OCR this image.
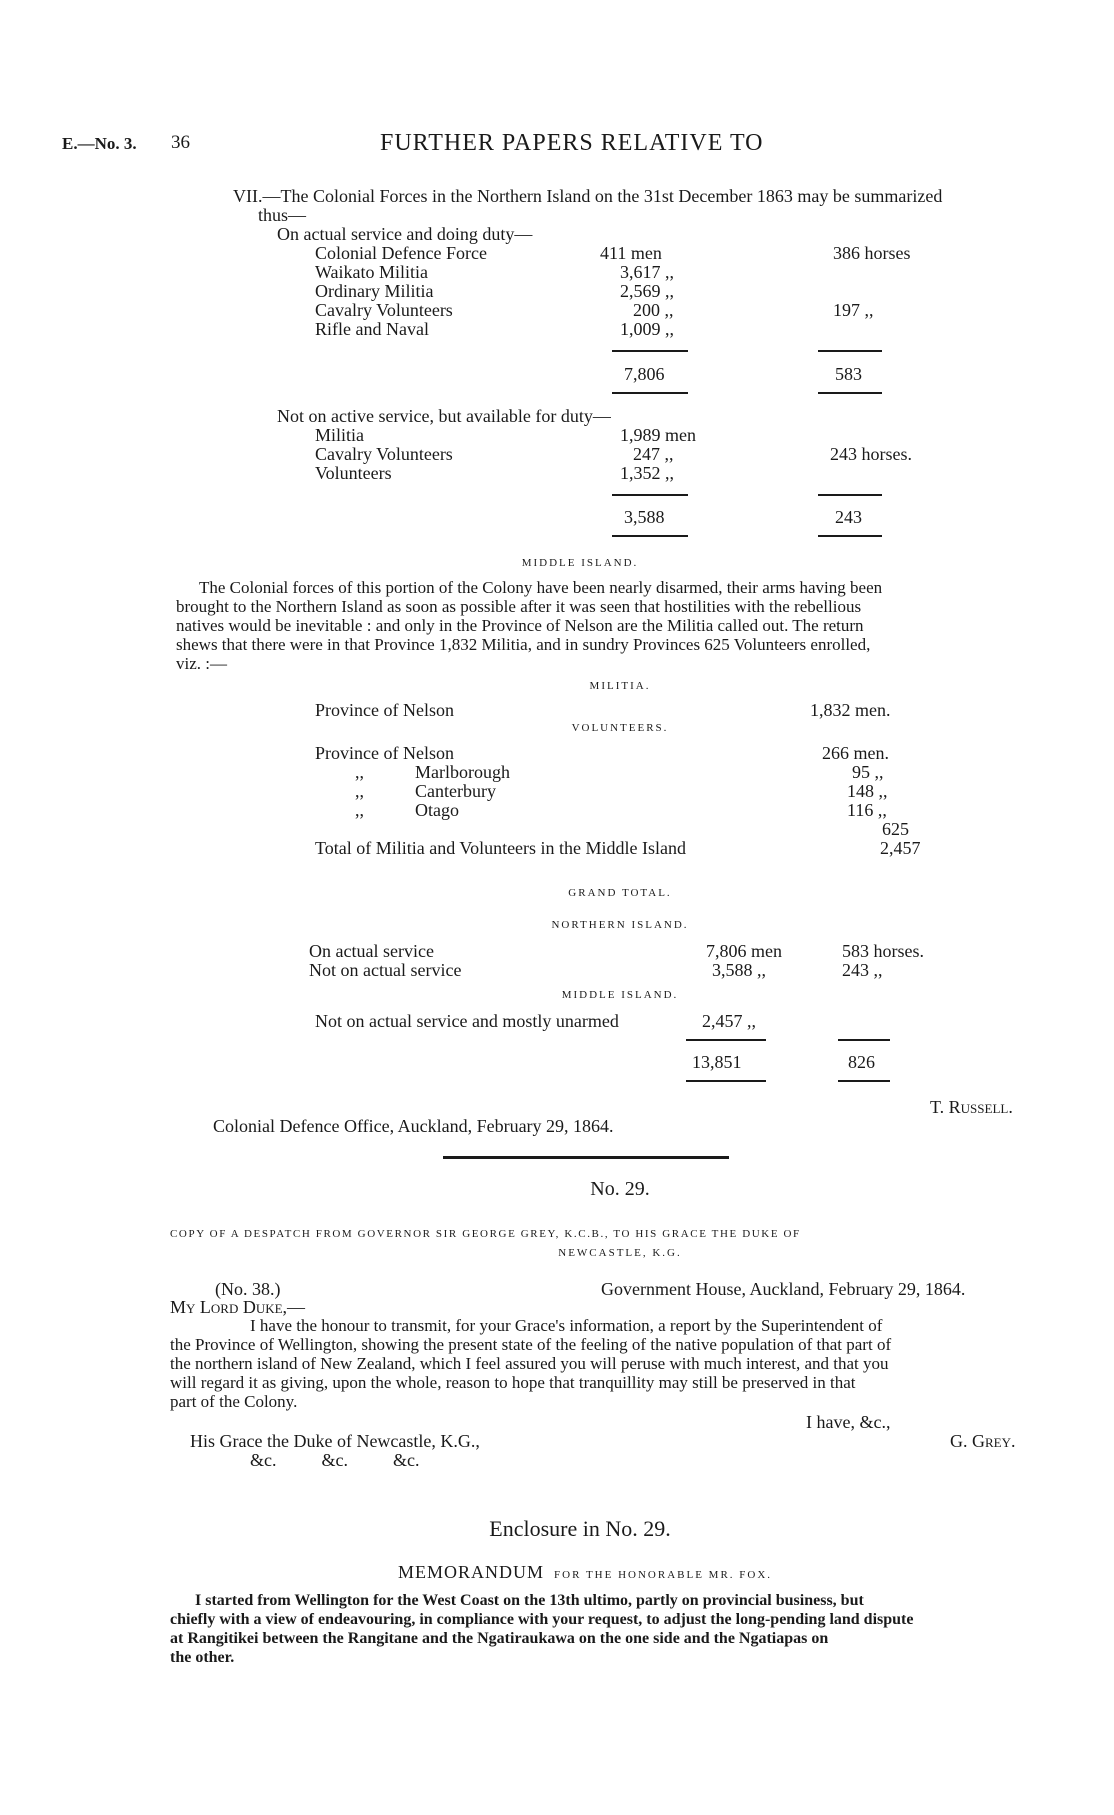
E.—No. 3. 36	FURTHER PAPERS RELATIVE TO
VII.—The Colonial Forces in the Northern Island on the 31st December 1863 may be summarized
thus—
On actual service and doing duty—
Colonial Defence Force	411 men	386 horses
Waikato Militia	3,617 ,,
Ordinary Militia	2,569 ,,
Cavalry Volunteers	200 ,,	197 ,,
Rifle and Naval	1,009 ,,
7,806	583
Not on active service, but available for duty—
Militia	1,989 men
Cavalry Volunteers	247 ,,	243 horses.
Volunteers	1,352 ,,
3,588	243
MIDDLE ISLAND.
The Colonial forces of this portion of the Colony have been nearly disarmed, their arms having been
brought to the Northern Island as soon as possible after it was seen that hostilities with the rebellious
natives would be inevitable : and only in the Province of Nelson are the Militia called out. The return
shews that there were in that Province 1,832 Militia, and in sundry Provinces 625 Volunteers enrolled,
viz. :—
MILITIA.
Province of Nelson	1,832 men.
VOLUNTEERS.
Province of Nelson	266 men.
,,	Marlborough	95 ,,
,,	Canterbury	148 ,,
,,	Otago	116 ,,
625
Total of Militia and Volunteers in the Middle Island	2,457
GRAND TOTAL.
NORTHERN ISLAND.
On actual service	7,806 men	583 horses.
Not on actual service	3,588 ,,	243 ,,
MIDDLE ISLAND.
Not on actual service and mostly unarmed	2,457 ,,
13,851	826
T. Russell.
Colonial Defence Office, Auckland, February 29, 1864.
No. 29.
COPY OF A DESPATCH FROM GOVERNOR SIR GEORGE GREY, K.C.B., TO HIS GRACE THE DUKE OF
NEWCASTLE, K.G.
(No. 38.)	Government House, Auckland, February 29, 1864.
My Lord Duke,—
I have the honour to transmit, for your Grace's information, a report by the Superintendent of
the Province of Wellington, showing the present state of the feeling of the native population of that part of
the northern island of New Zealand, which I feel assured you will peruse with much interest, and that you
will regard it as giving, upon the whole, reason to hope that tranquillity may still be preserved in that
part of the Colony.
I have, &c.,
G. Grey.
His Grace the Duke of Newcastle, K.G.,
&c.          &c.          &c.
Enclosure in No. 29.
MEMORANDUM FOR THE HONORABLE MR. FOX.
I started from Wellington for the West Coast on the 13th ultimo, partly on provincial business, but
chiefly with a view of endeavouring, in compliance with your request, to adjust the long-pending land dispute
at Rangitikei between the Rangitane and the Ngatiraukawa on the one side and the Ngatiapas on
the other.
